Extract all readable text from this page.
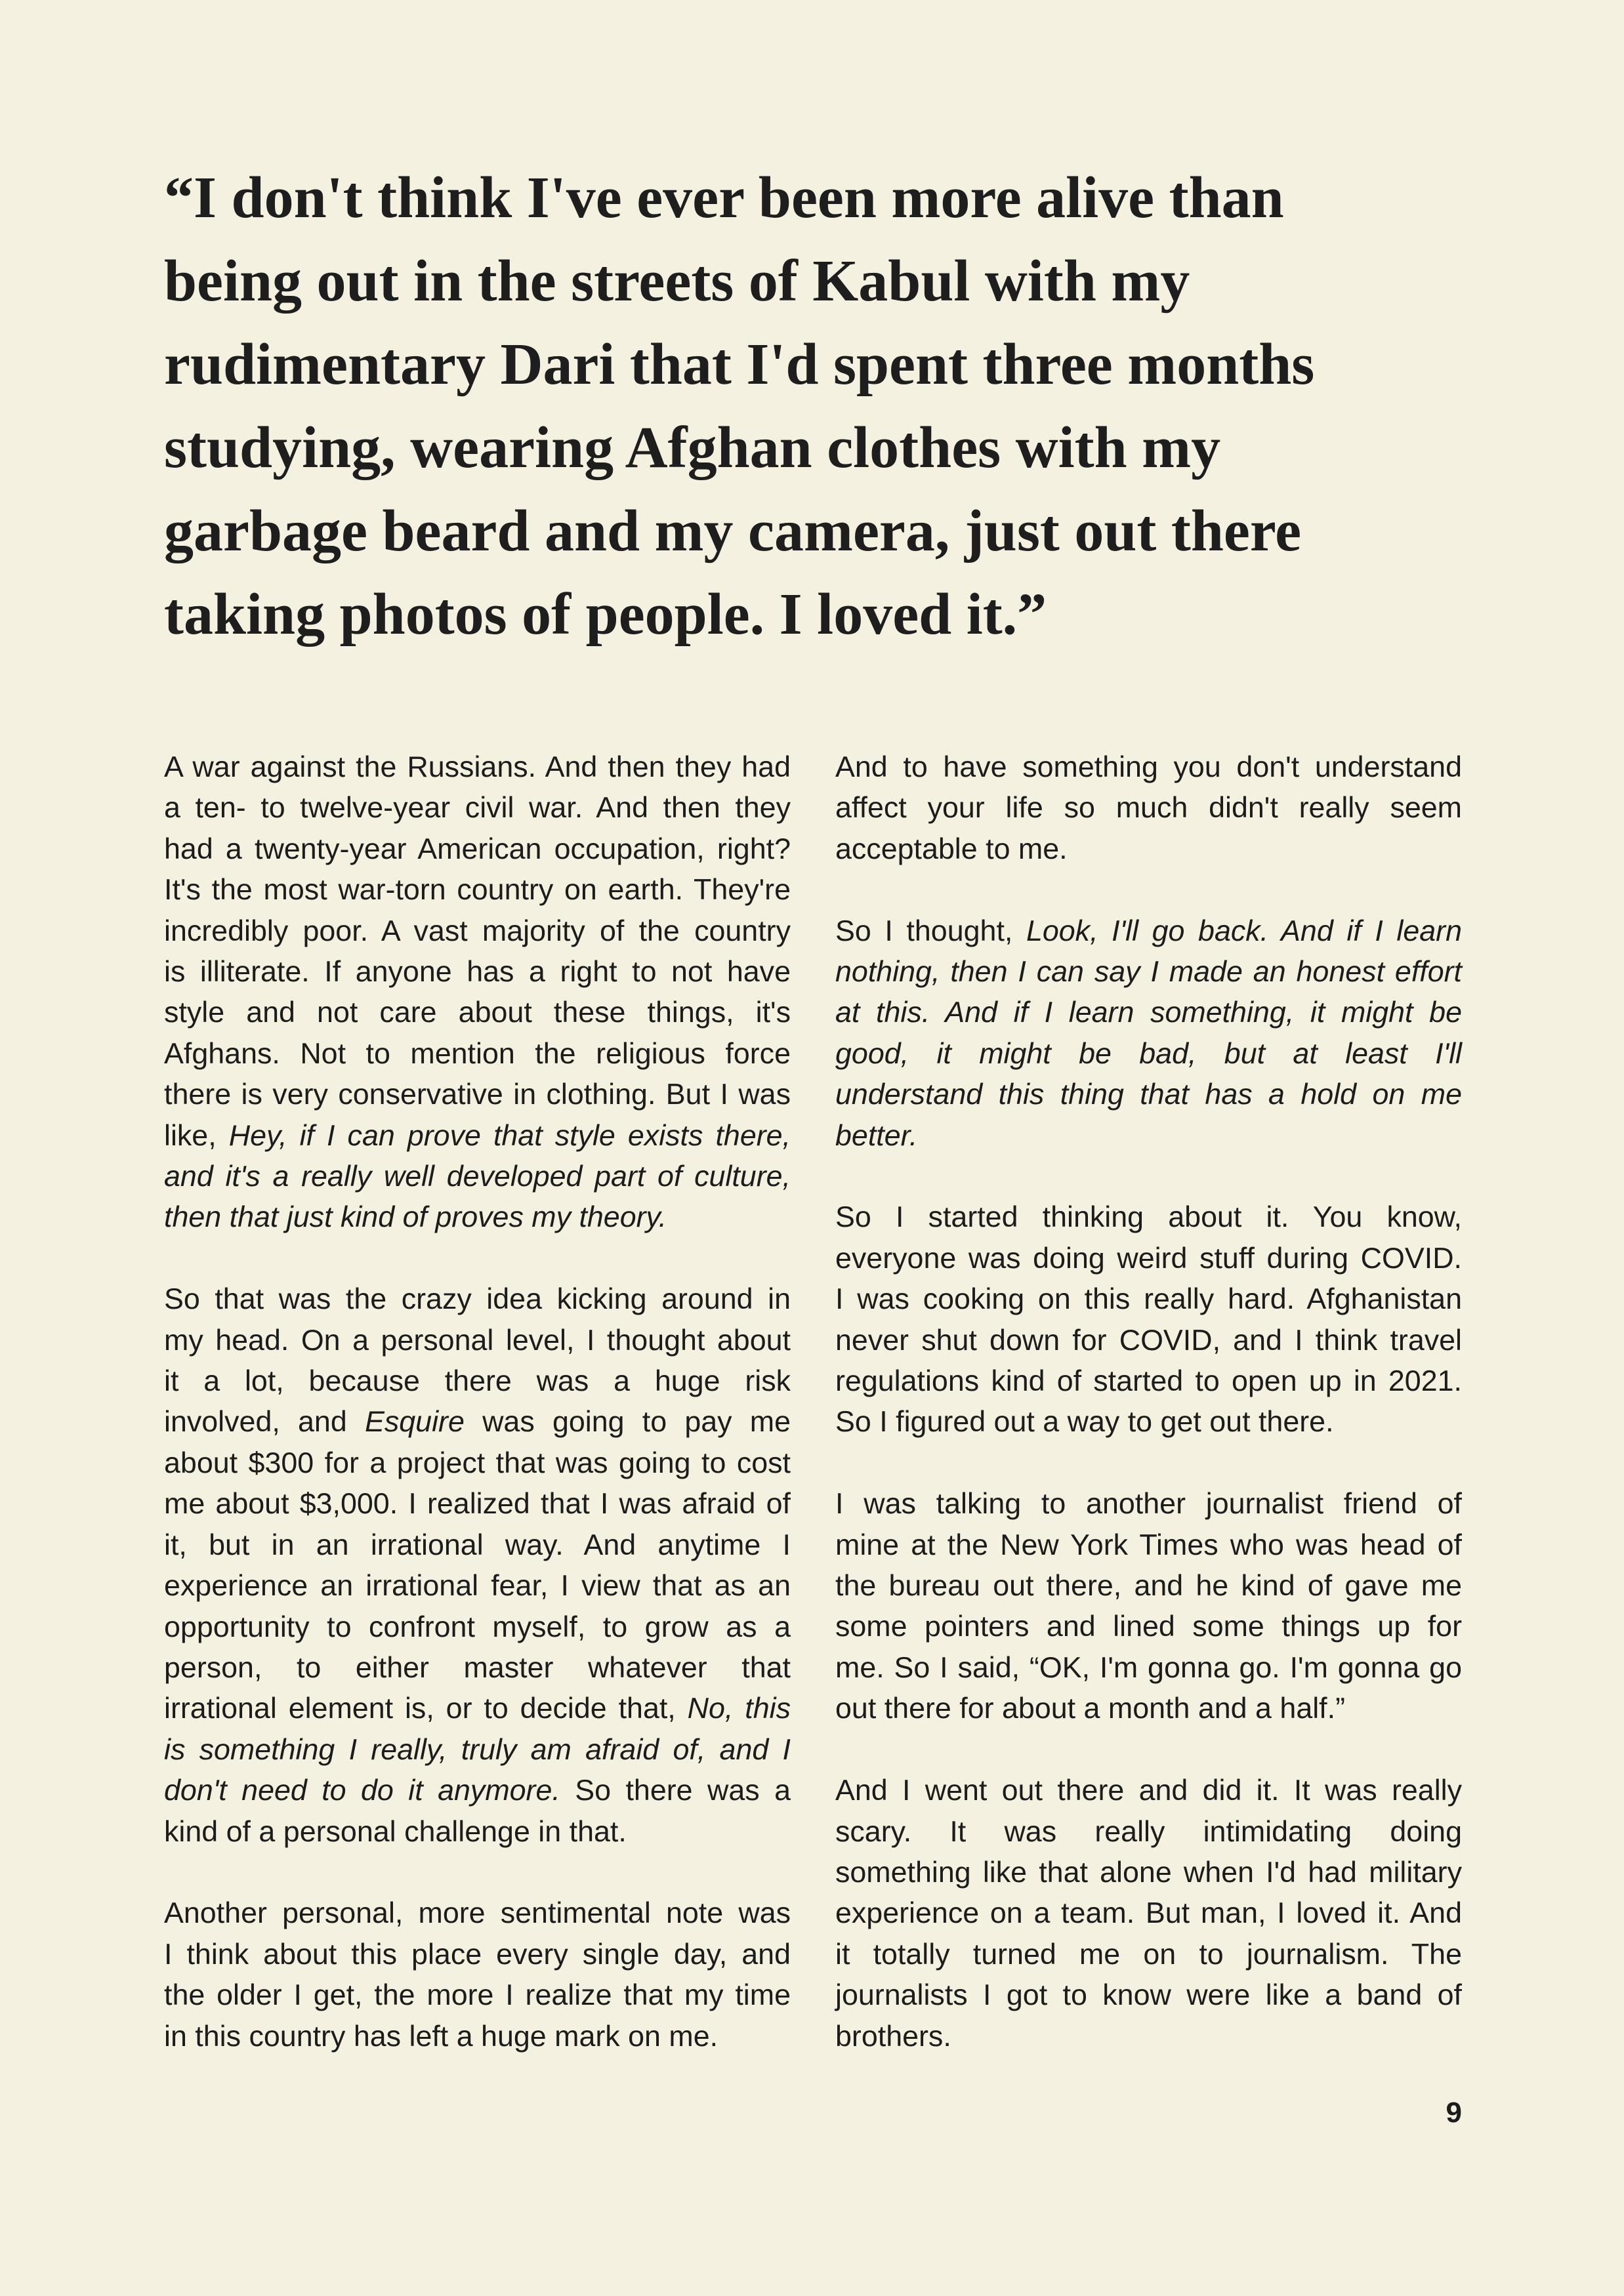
“I don't think I've ever been more alive than
being out in the streets of Kabul with my
rudimentary Dari that I'd spent three months
studying, wearing Afghan clothes with my
garbage beard and my camera, just out there
taking photos of people. I loved it.”
A war against the Russians. And then they had
a ten- to twelve-year civil war. And then they
had a twenty-year American occupation, right?
It's the most war-torn country on earth. They're
incredibly poor. A vast majority of the country
is illiterate. If anyone has a right to not have
style and not care about these things, it's
Afghans. Not to mention the religious force
there is very conservative in clothing. But I was
like, Hey, if I can prove that style exists there,
and it's a really well developed part of culture,
then that just kind of proves my theory.
So that was the crazy idea kicking around in
my head. On a personal level, I thought about
it a lot, because there was a huge risk
involved, and Esquire was going to pay me
about $300 for a project that was going to cost
me about $3,000. I realized that I was afraid of
it, but in an irrational way. And anytime I
experience an irrational fear, I view that as an
opportunity to confront myself, to grow as a
person, to either master whatever that
irrational element is, or to decide that, No, this
is something I really, truly am afraid of, and I
don't need to do it anymore. So there was a
kind of a personal challenge in that.
Another personal, more sentimental note was
I think about this place every single day, and
the older I get, the more I realize that my time
in this country has left a huge mark on me.
And to have something you don't understand
affect your life so much didn't really seem
acceptable to me.
So I thought, Look, I'll go back. And if I learn
nothing, then I can say I made an honest effort
at this. And if I learn something, it might be
good, it might be bad, but at least I'll
understand this thing that has a hold on me
better.
So I started thinking about it. You know,
everyone was doing weird stuff during COVID.
I was cooking on this really hard. Afghanistan
never shut down for COVID, and I think travel
regulations kind of started to open up in 2021.
So I figured out a way to get out there.
I was talking to another journalist friend of
mine at the New York Times who was head of
the bureau out there, and he kind of gave me
some pointers and lined some things up for
me. So I said, “OK, I'm gonna go. I'm gonna go
out there for about a month and a half.”
And I went out there and did it. It was really
scary. It was really intimidating doing
something like that alone when I'd had military
experience on a team. But man, I loved it. And
it totally turned me on to journalism. The
journalists I got to know were like a band of
brothers.
9
